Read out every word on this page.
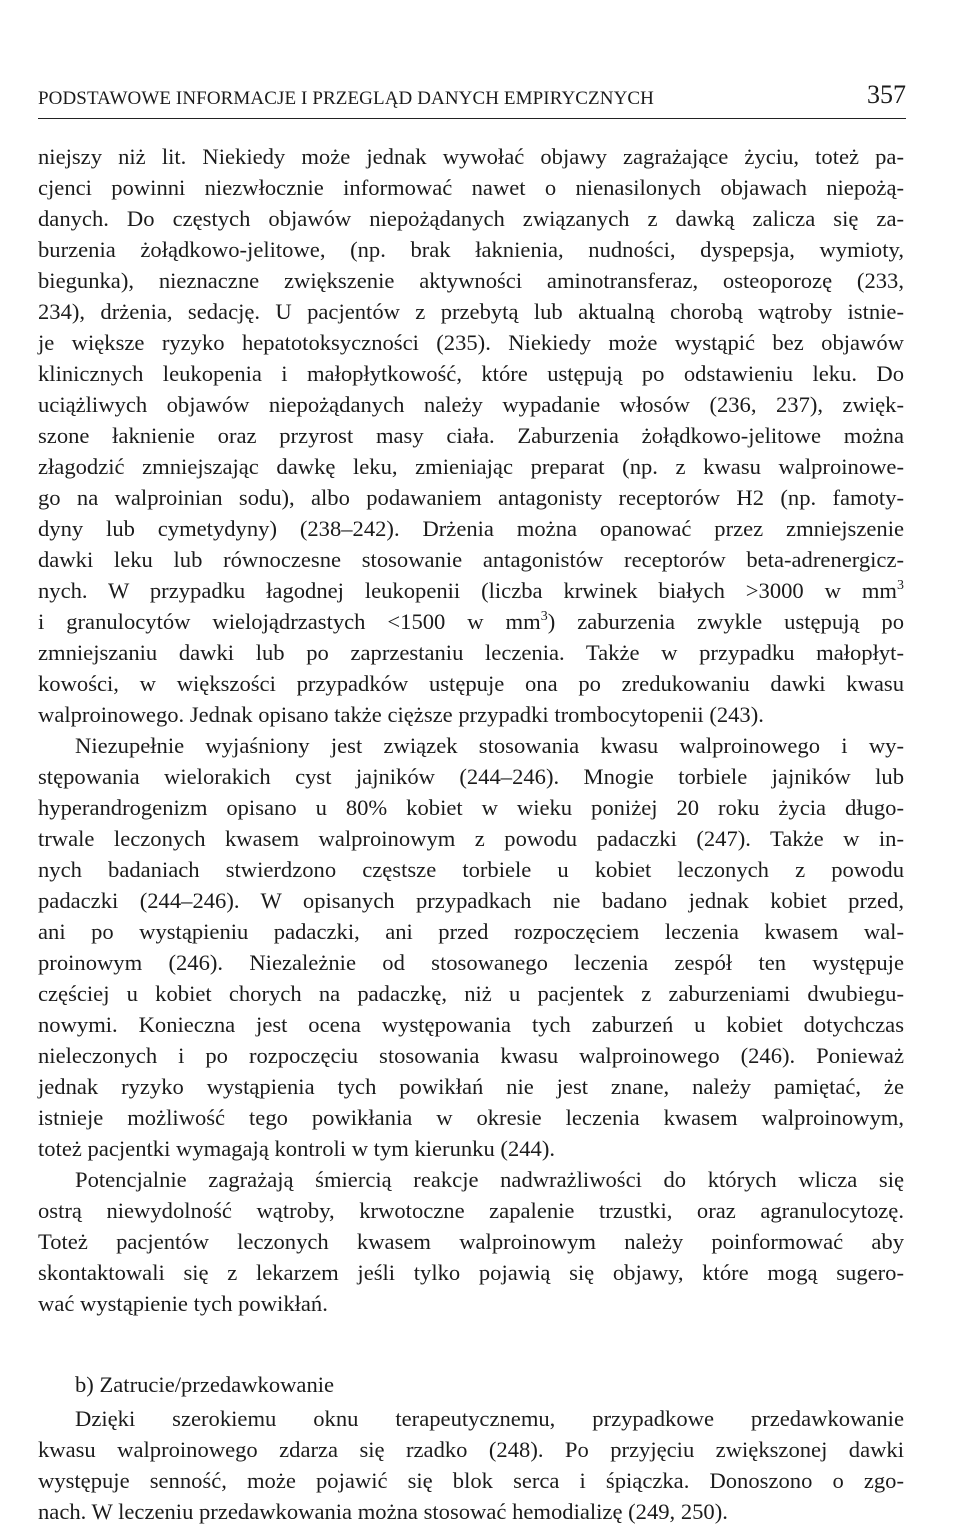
PODSTAWOWE INFORMACJE I PRZEGLĄD DANYCH EMPIRYCZNYCH	357
niejszy niż lit. Niekiedy może jednak wywołać objawy zagrażające życiu, toteż pa-
cjenci powinni niezwłocznie informować nawet o nienasilonych objawach niepożą-
danych. Do częstych objawów niepożądanych związanych z dawką zalicza się za-
burzenia żołądkowo-jelitowe, (np. brak łaknienia, nudności, dyspepsja, wymioty,
biegunka), nieznaczne zwiększenie aktywności aminotransferaz, osteoporozę (233,
234), drżenia, sedację. U pacjentów z przebytą lub aktualną chorobą wątroby istnie-
je większe ryzyko hepatotoksyczności (235). Niekiedy może wystąpić bez objawów
klinicznych leukopenia i małopłytkowość, które ustępują po odstawieniu leku. Do
uciążliwych objawów niepożądanych należy wypadanie włosów (236, 237), zwięk-
szone łaknienie oraz przyrost masy ciała. Zaburzenia żołądkowo-jelitowe można
złagodzić zmniejszając dawkę leku, zmieniając preparat (np. z kwasu walproinowe-
go na walproinian sodu), albo podawaniem antagonisty receptorów H2 (np. famoty-
dyny lub cymetydyny) (238–242). Drżenia można opanować przez zmniejszenie
dawki leku lub równoczesne stosowanie antagonistów receptorów beta-adrenergicz-
nych. W przypadku łagodnej leukopenii (liczba krwinek białych >3000 w $mm^3$
i granulocytów wielojądrzastych <1500 w $mm^3$) zaburzenia zwykle ustępują po
zmniejszaniu dawki lub po zaprzestaniu leczenia. Także w przypadku małopłyt-
kowości, w większości przypadków ustępuje ona po zredukowaniu dawki kwasu
walproinowego. Jednak opisano także cięższe przypadki trombocytopenii (243).
Niezupełnie wyjaśniony jest związek stosowania kwasu walproinowego i wy-
stępowania wielorakich cyst jajników (244–246). Mnogie torbiele jajników lub
hyperandrogenizm opisano u 80% kobiet w wieku poniżej 20 roku życia długo-
trwale leczonych kwasem walproinowym z powodu padaczki (247). Także w in-
nych badaniach stwierdzono częstsze torbiele u kobiet leczonych z powodu
padaczki (244–246). W opisanych przypadkach nie badano jednak kobiet przed,
ani po wystąpieniu padaczki, ani przed rozpoczęciem leczenia kwasem wal-
proinowym (246). Niezależnie od stosowanego leczenia zespół ten występuje
częściej u kobiet chorych na padaczkę, niż u pacjentek z zaburzeniami dwubiegu-
nowymi. Konieczna jest ocena występowania tych zaburzeń u kobiet dotychczas
nieleczonych i po rozpoczęciu stosowania kwasu walproinowego (246). Ponieważ
jednak ryzyko wystąpienia tych powikłań nie jest znane, należy pamiętać, że
istnieje możliwość tego powikłania w okresie leczenia kwasem walproinowym,
toteż pacjentki wymagają kontroli w tym kierunku (244).
Potencjalnie zagrażają śmiercią reakcje nadwrażliwości do których wlicza się
ostrą niewydolność wątroby, krwotoczne zapalenie trzustki, oraz agranulocytozę.
Toteż pacjentów leczonych kwasem walproinowym należy poinformować aby
skontaktowali się z lekarzem jeśli tylko pojawią się objawy, które mogą sugero-
wać wystąpienie tych powikłań.
b) Zatrucie/przedawkowanie
Dzięki szerokiemu oknu terapeutycznemu, przypadkowe przedawkowanie
kwasu walproinowego zdarza się rzadko (248). Po przyjęciu zwiększonej dawki
występuje senność, może pojawić się blok serca i śpiączka. Donoszono o zgo-
nach. W leczeniu przedawkowania można stosować hemodializę (249, 250).
